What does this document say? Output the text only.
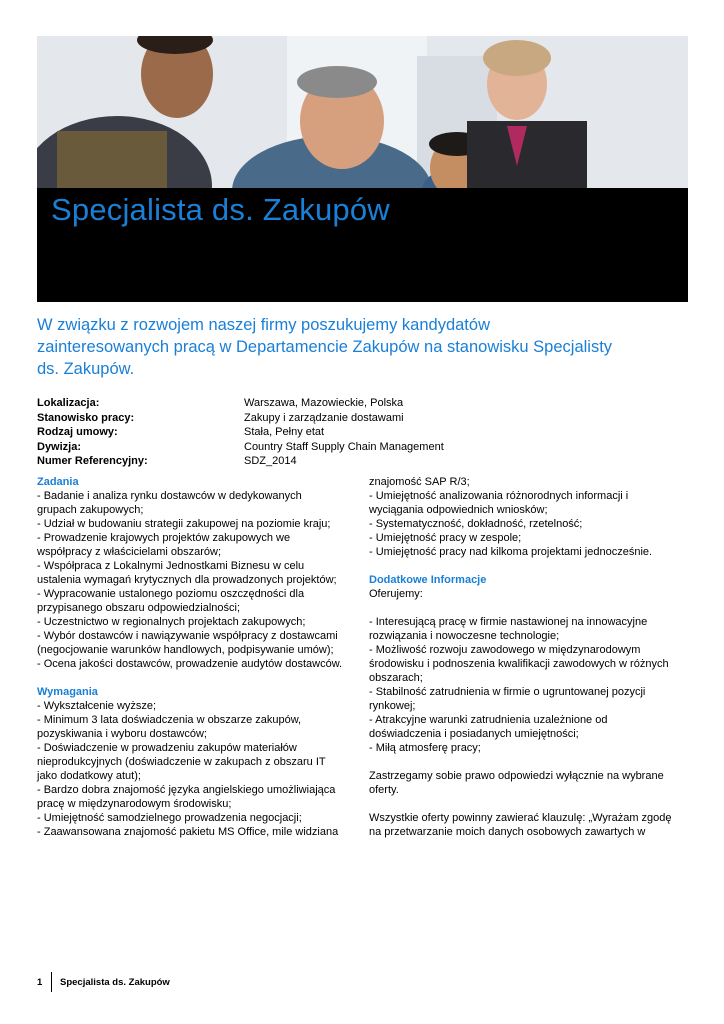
Specjalista ds. Zakupów
W związku z rozwojem naszej firmy poszukujemy kandydatów
zainteresowanych pracą w Departamencie Zakupów na stanowisku Specjalisty
ds. Zakupów.
Lokalizacja:	Warszawa, Mazowieckie, Polska
Stanowisko pracy:	Zakupy i zarządzanie dostawami
Rodzaj umowy:	Stała, Pełny etat
Dywizja:	Country Staff Supply Chain Management
Numer Referencyjny:	SDZ_2014
Zadania
- Badanie i analiza rynku dostawców w dedykowanych
grupach zakupowych;
- Udział w budowaniu strategii zakupowej na poziomie kraju;
- Prowadzenie krajowych projektów zakupowych we
współpracy z właścicielami obszarów;
- Współpraca z Lokalnymi Jednostkami Biznesu w celu
ustalenia wymagań krytycznych dla prowadzonych projektów;
- Wypracowanie ustalonego poziomu oszczędności dla
przypisanego obszaru odpowiedzialności;
- Uczestnictwo w regionalnych projektach zakupowych;
- Wybór dostawców i nawiązywanie współpracy z dostawcami
(negocjowanie warunków handlowych, podpisywanie umów);
- Ocena jakości dostawców, prowadzenie audytów dostawców.
Wymagania
- Wykształcenie wyższe;
- Minimum 3 lata doświadczenia w obszarze zakupów,
pozyskiwania i wyboru dostawców;
- Doświadczenie w prowadzeniu zakupów materiałów
nieprodukcyjnych (doświadczenie w zakupach z obszaru IT
jako dodatkowy atut);
- Bardzo dobra znajomość języka angielskiego umożliwiająca
pracę w międzynarodowym środowisku;
- Umiejętność samodzielnego prowadzenia negocjacji;
- Zaawansowana znajomość pakietu MS Office, mile widziana
znajomość SAP R/3;
- Umiejętność analizowania różnorodnych informacji i
wyciągania odpowiednich wniosków;
- Systematyczność, dokładność, rzetelność;
- Umiejętność pracy w zespole;
- Umiejętność pracy nad kilkoma projektami jednocześnie.
Dodatkowe Informacje
Oferujemy:
- Interesującą pracę w firmie nastawionej na innowacyjne
rozwiązania i nowoczesne technologie;
- Możliwość rozwoju zawodowego w międzynarodowym
środowisku i podnoszenia kwalifikacji zawodowych w różnych
obszarach;
- Stabilność zatrudnienia w firmie o ugruntowanej pozycji
rynkowej;
- Atrakcyjne warunki zatrudnienia uzależnione od
doświadczenia i posiadanych umiejętności;
- Miłą atmosferę pracy;
Zastrzegamy sobie prawo odpowiedzi wyłącznie na wybrane
oferty.
Wszystkie oferty powinny zawierać klauzulę: „Wyrażam zgodę
na przetwarzanie moich danych osobowych zawartych w
1	Specjalista ds. Zakupów
